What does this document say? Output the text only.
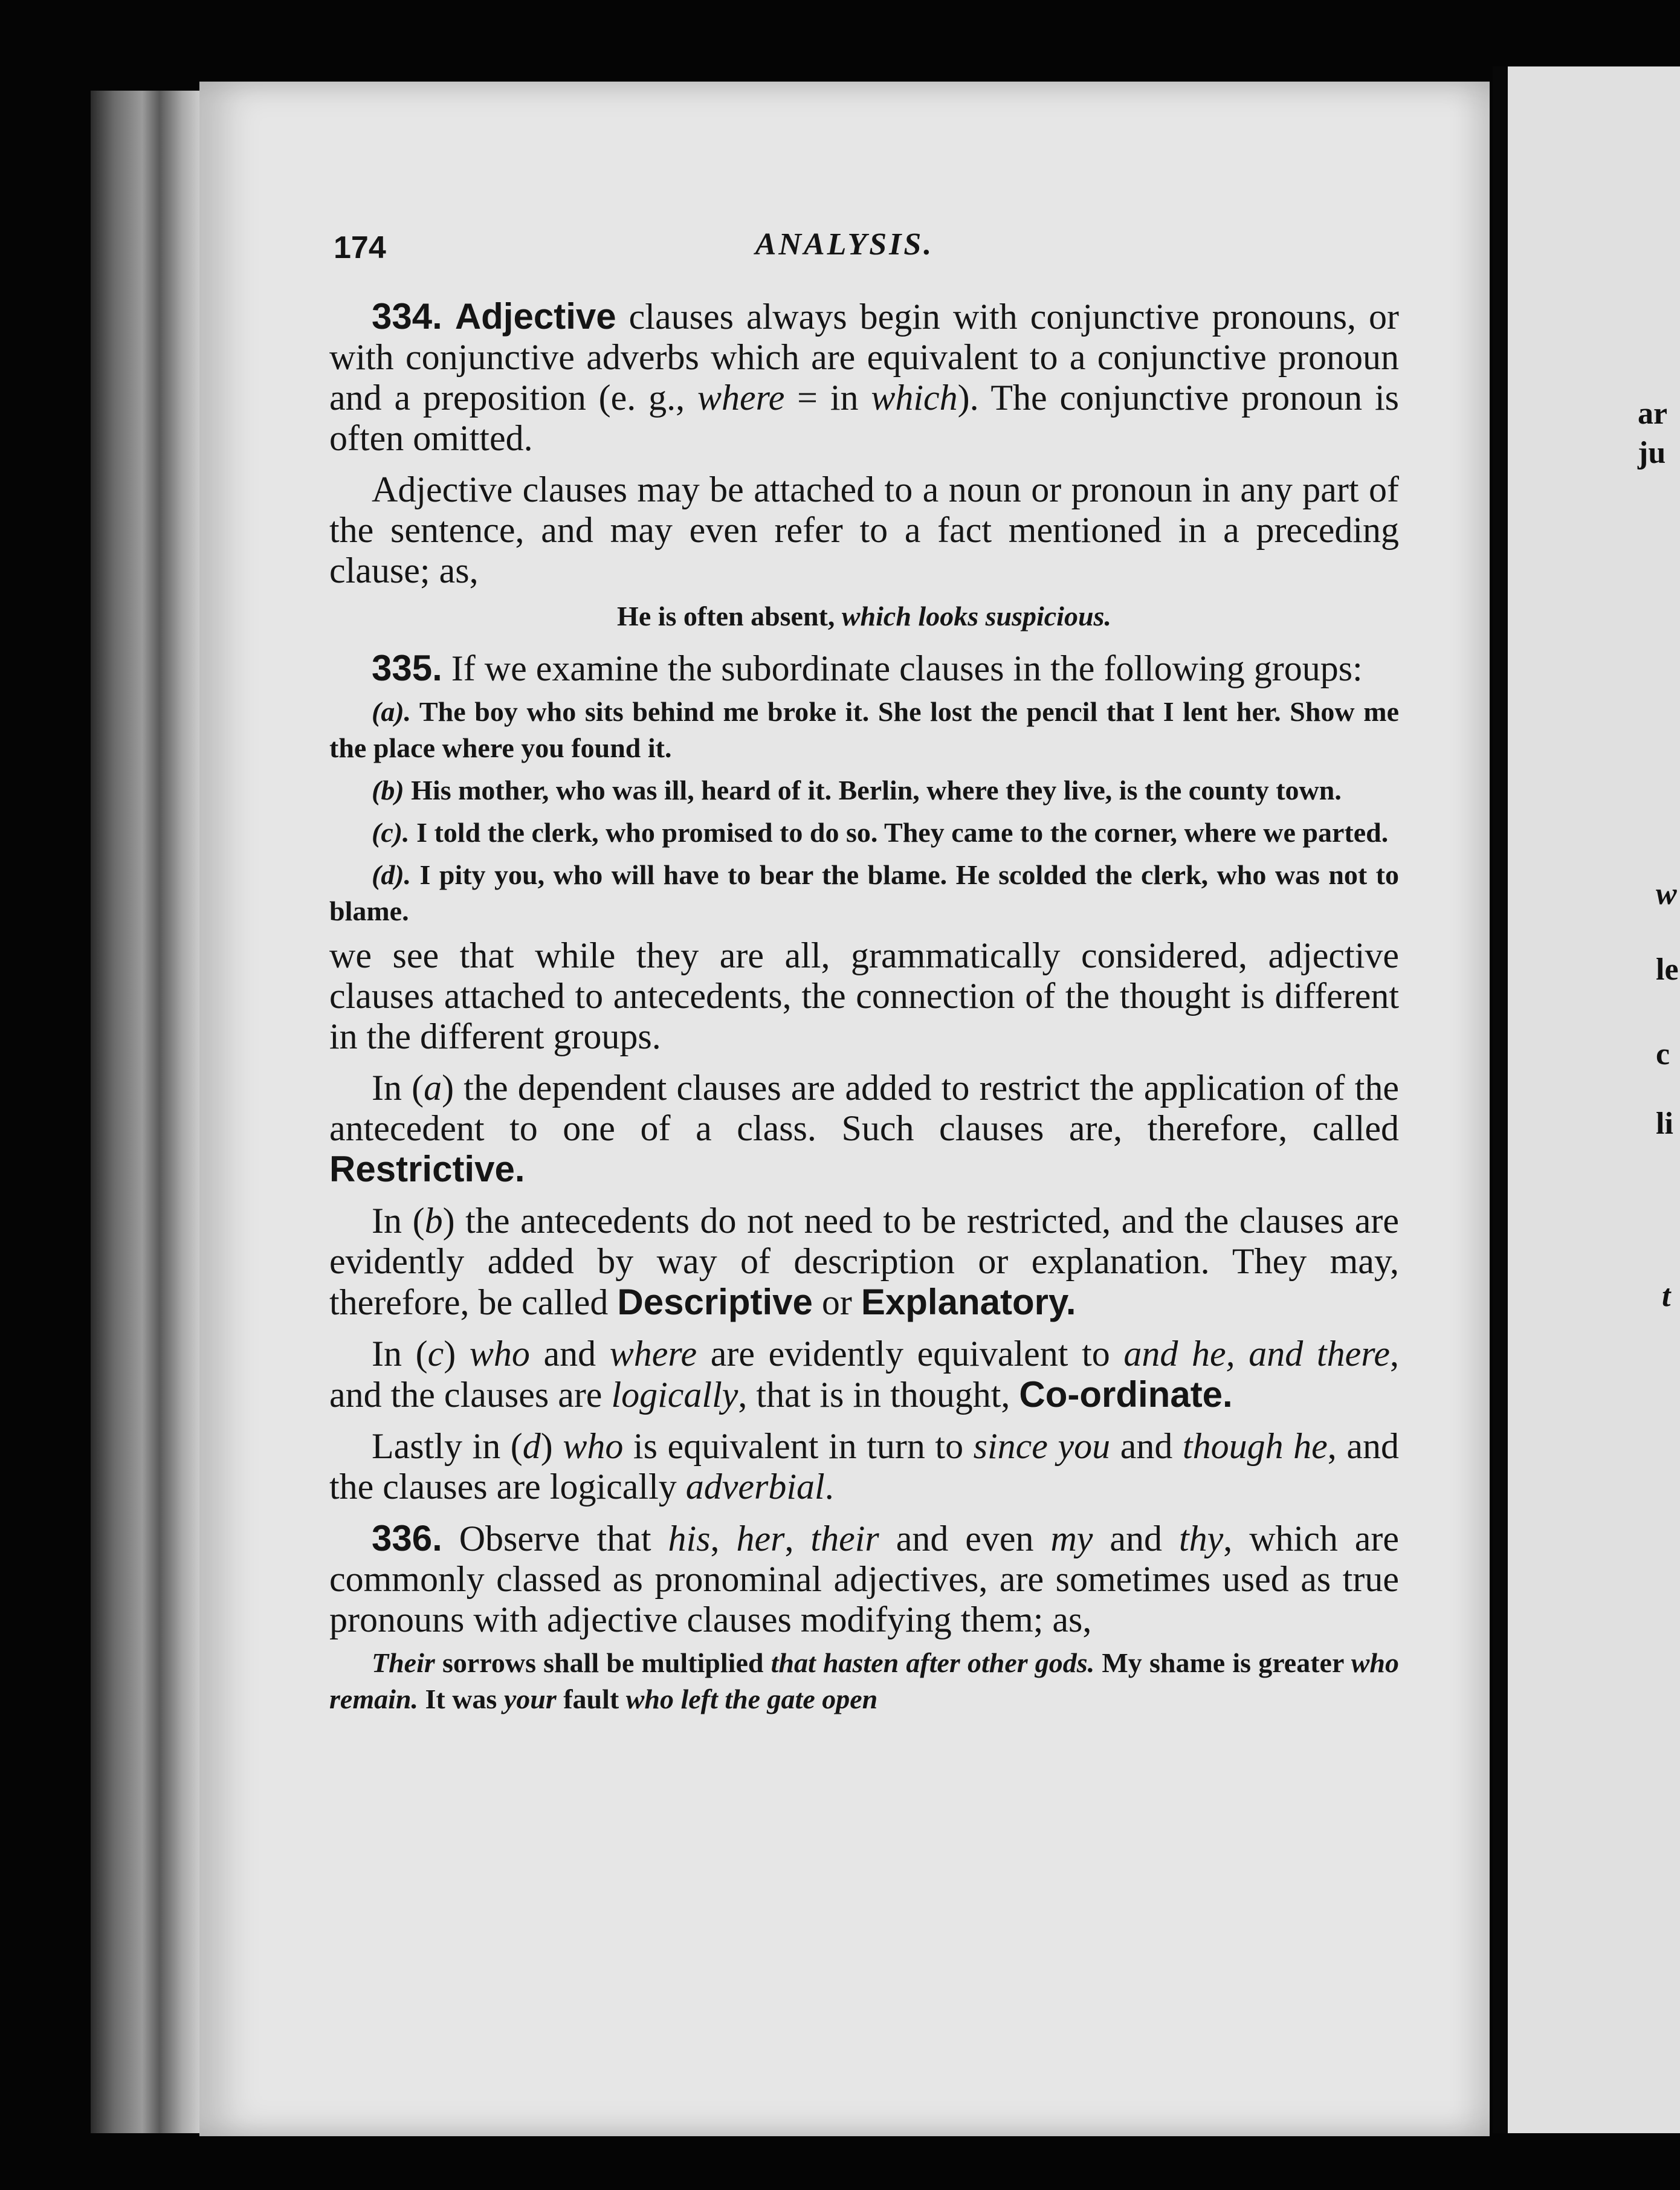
174	ANALYSIS.

334. Adjective clauses always begin with conjunctive pronouns, or with conjunctive adverbs which are equivalent to a conjunctive pronoun and a preposition (e. g., where = in which). The conjunctive pronoun is often omitted.

Adjective clauses may be attached to a noun or pronoun in any part of the sentence, and may even refer to a fact mentioned in a preceding clause; as,

He is often absent, which looks suspicious.

335. If we examine the subordinate clauses in the following groups:

(a). The boy who sits behind me broke it. She lost the pencil that I lent her. Show me the place where you found it.
(b) His mother, who was ill, heard of it. Berlin, where they live, is the county town.
(c). I told the clerk, who promised to do so. They came to the corner, where we parted.
(d). I pity you, who will have to bear the blame. He scolded the clerk, who was not to blame.

we see that while they are all, grammatically considered, adjective clauses attached to antecedents, the connection of the thought is different in the different groups.

In (a) the dependent clauses are added to restrict the application of the antecedent to one of a class. Such clauses are, therefore, called Restrictive.

In (b) the antecedents do not need to be restricted, and the clauses are evidently added by way of description or explanation. They may, therefore, be called Descriptive or Explanatory.

In (c) who and where are evidently equivalent to and he, and there, and the clauses are logically, that is in thought, Co-ordinate.

Lastly in (d) who is equivalent in turn to since you and though he, and the clauses are logically adverbial.

336. Observe that his, her, their and even my and thy, which are commonly classed as pronominal adjectives, are sometimes used as true pronouns with adjective clauses modifying them; as,

Their sorrows shall be multiplied that hasten after other gods. My shame is greater who remain. It was your fault who left the gate open
ar
ju
w
le
c
li
t
